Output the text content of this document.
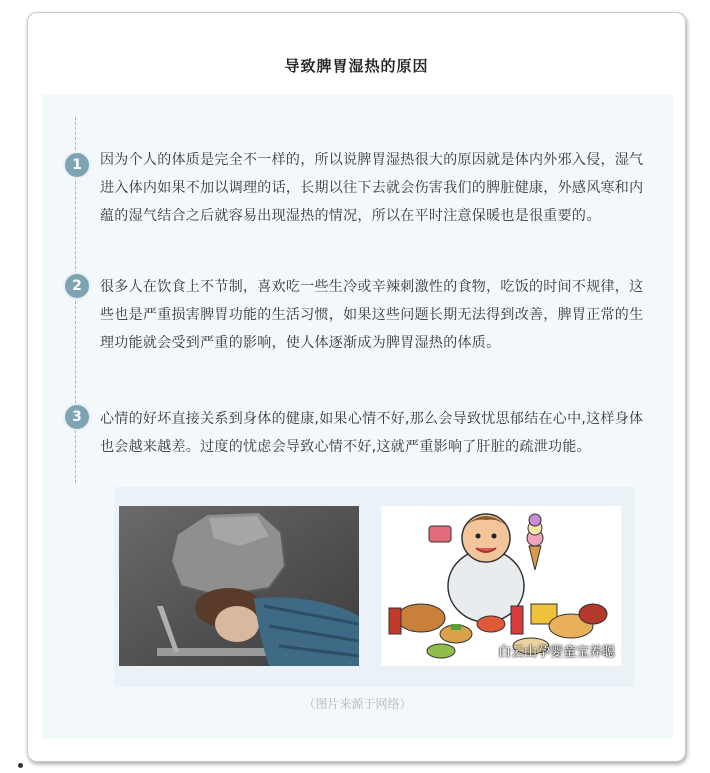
导致脾胃湿热的原因
1	因为个人的体质是完全不一样的，所以说脾胃湿热很大的原因就是体内外邪入侵，湿气进入体内如果不加以调理的话，长期以往下去就会伤害我们的脾脏健康，外感风寒和内蕴的湿气结合之后就容易出现湿热的情况，所以在平时注意保暖也是很重要的。
2	很多人在饮食上不节制，喜欢吃一些生冷或辛辣刺激性的食物，吃饭的时间不规律，这些也是严重损害脾胃功能的生活习惯，如果这些问题长期无法得到改善，脾胃正常的生理功能就会受到严重的影响，使人体逐渐成为脾胃湿热的体质。
3	心情的好坏直接关系到身体的健康,如果心情不好,那么会导致忧思郁结在心中,这样身体也会越来越差。过度的忧虑会导致心情不好,这就严重影响了肝脏的疏泄功能。
白云山孕婴童宝养聪
（图片来源于网络）
